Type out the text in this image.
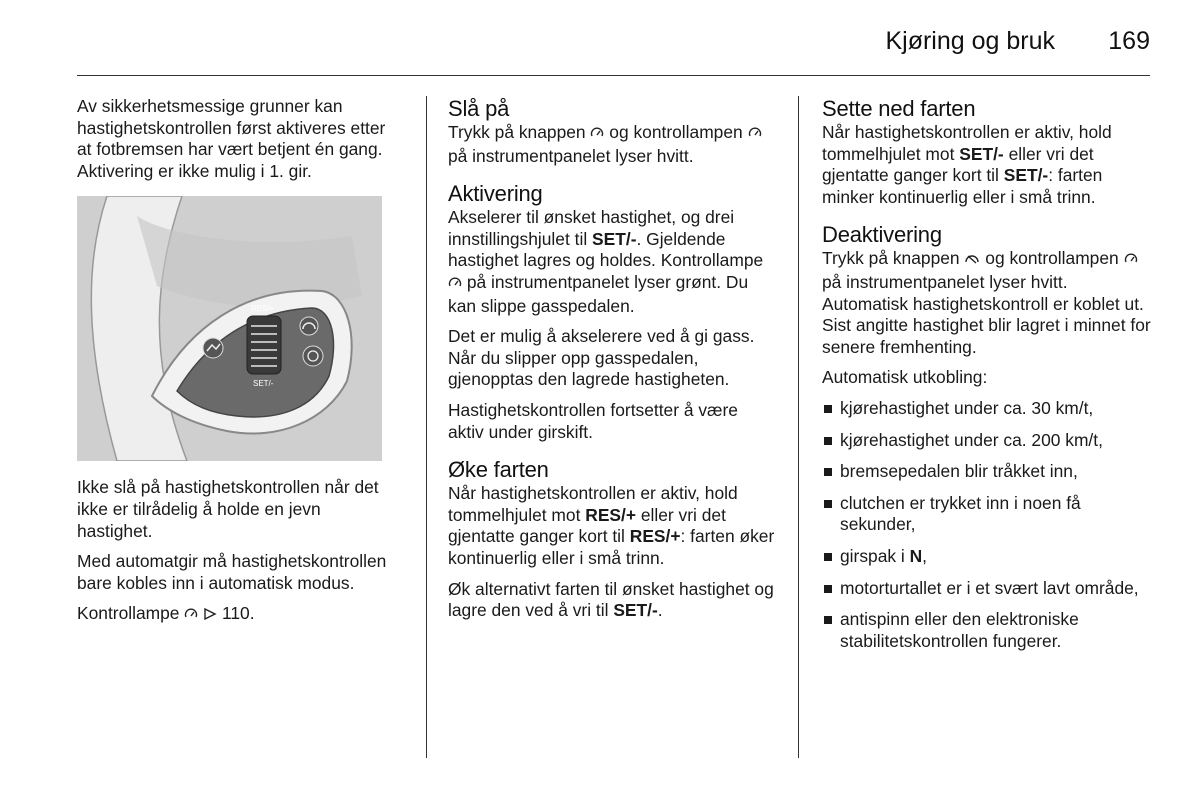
Kjøring og bruk 169

Av sikkerhetsmessige grunner kan hastighetskontrollen først aktiveres etter at fotbremsen har vært betjent én gang. Aktivering er ikke mulig i 1. gir.

RES/+
SET/-

Ikke slå på hastighetskontrollen når det ikke er tilrådelig å holde en jevn hastighet.

Med automatgir må hastighetskontrollen bare kobles inn i automatisk modus.

Kontrollampe 110.

Slå på

Trykk på knappen og kontrollampen  på instrumentpanelet lyser hvitt.

Aktivering

Akselerer til ønsket hastighet, og drei innstillingshjulet til SET/-. Gjeldende hastighet lagres og holdes. Kontrollampe  på instrumentpanelet lyser grønt. Du kan slippe gasspedalen.

Det er mulig å akselerere ved å gi gass. Når du slipper opp gasspedalen, gjenopptas den lagrede hastigheten.

Hastighetskontrollen fortsetter å være aktiv under girskift.

Øke farten

Når hastighetskontrollen er aktiv, hold tommelhjulet mot RES/+ eller vri det gjentatte ganger kort til RES/+: farten øker kontinuerlig eller i små trinn.

Øk alternativt farten til ønsket hastighet og lagre den ved å vri til SET/-.

Sette ned farten

Når hastighetskontrollen er aktiv, hold tommelhjulet mot SET/- eller vri det gjentatte ganger kort til SET/-: farten minker kontinuerlig eller i små trinn.

Deaktivering

Trykk på knappen og kontrollampen  på instrumentpanelet lyser hvitt. Automatisk hastighetskontroll er koblet ut. Sist angitte hastighet blir lagret i minnet for senere fremhenting.

Automatisk utkobling:

kjørehastighet under ca. 30 km/t,
kjørehastighet under ca. 200 km/t,
bremsepedalen blir tråkket inn,
clutchen er trykket inn i noen få sekunder,
girspak i N,
motorturtallet er i et svært lavt område,
antispinn eller den elektroniske stabilitetskontrollen fungerer.
